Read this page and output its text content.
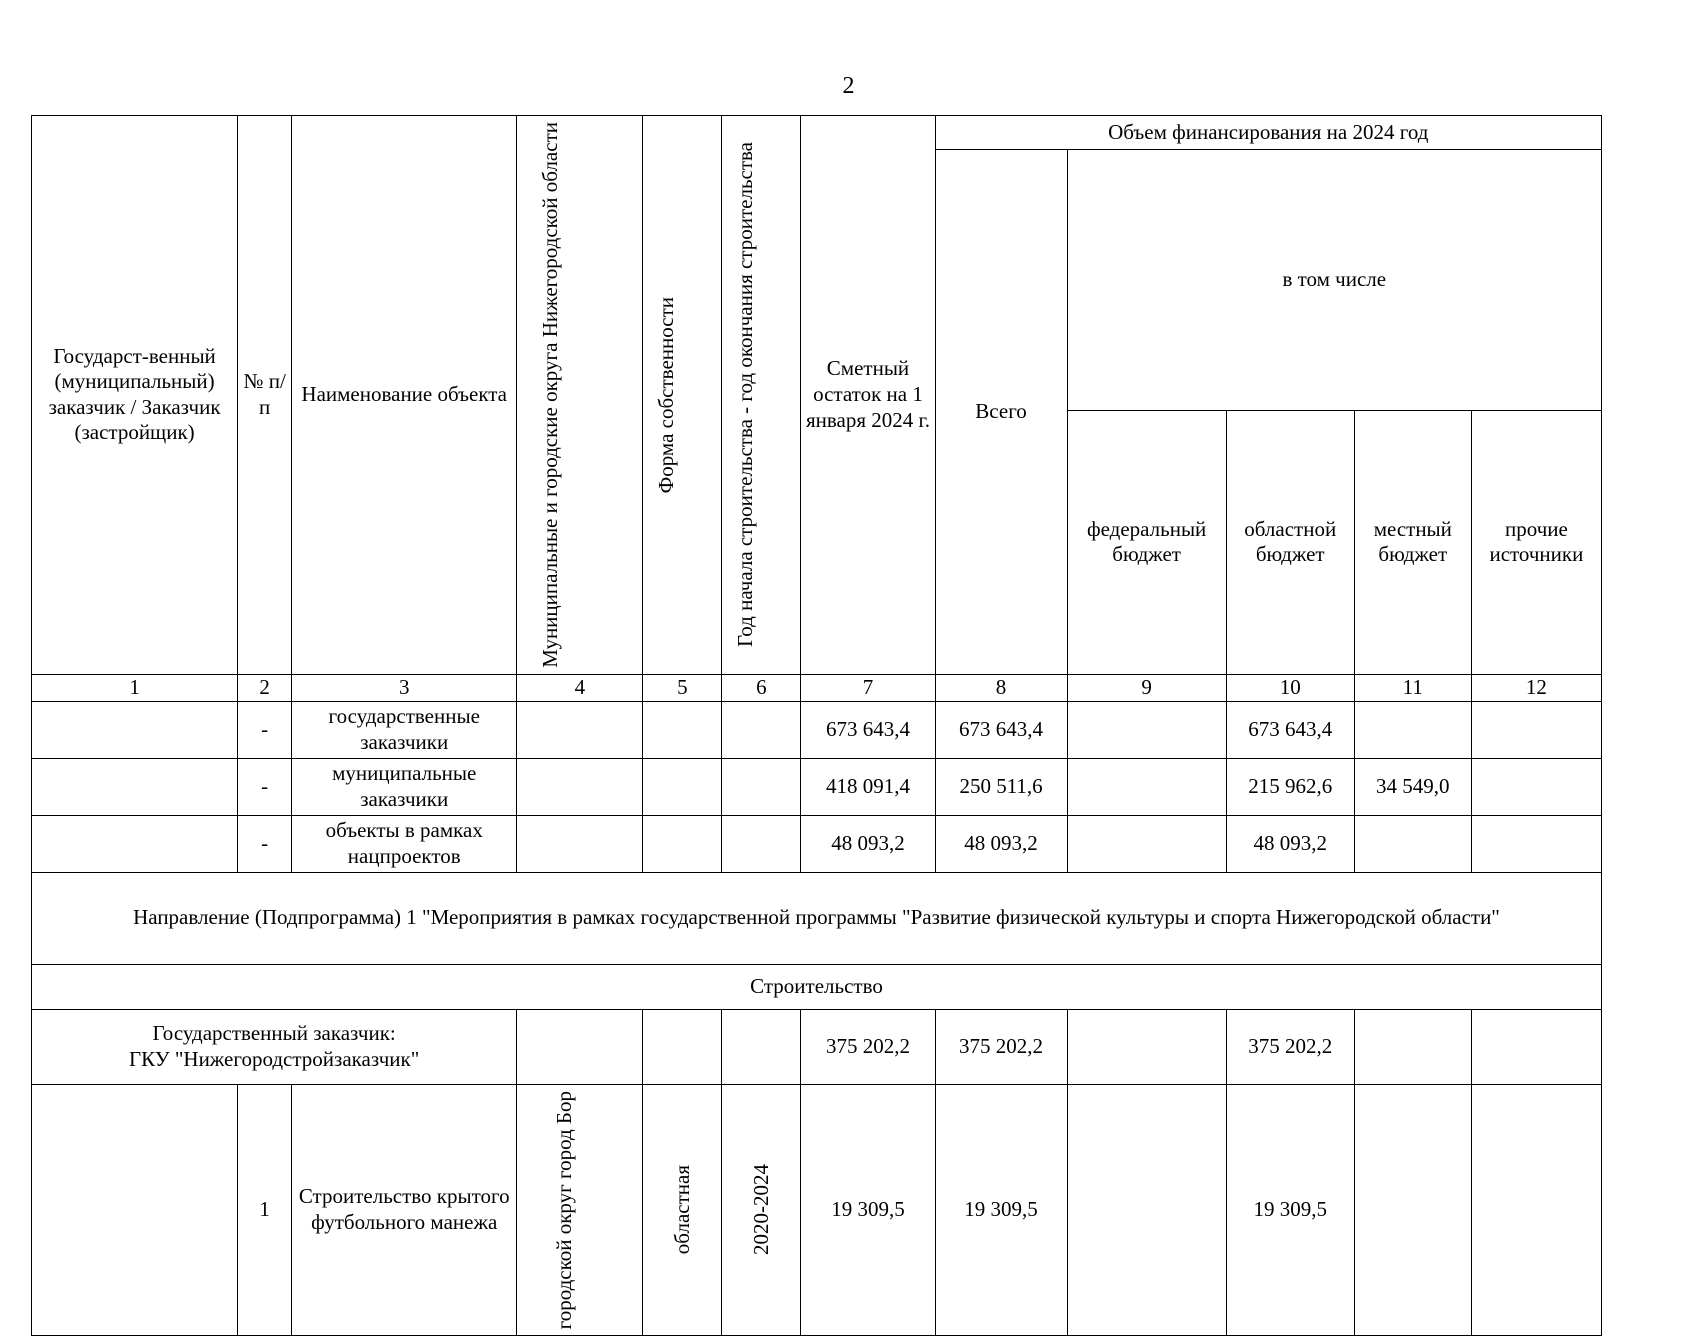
2
Государст-венный (муниципальный) заказчик / Заказчик (застройщик)	№ п/п	Наименование объекта	Муниципальные и городские округа Нижегородской области	Форма собственности	Год начала строительства - год окончания строительства	Сметный остаток на 1 января 2024 г.	Объем финансирования на 2024 год				
							Всего	в том числе			
								федеральный бюджет	областной бюджет	местный бюджет	прочие источники
1	2	3	4	5	6	7	8	9	10	11	12
	-	государственные заказчики				673 643,4	673 643,4		673 643,4		
	-	муниципальные заказчики				418 091,4	250 511,6		215 962,6	34 549,0	
	-	объекты в рамках нацпроектов				48 093,2	48 093,2		48 093,2		
Направление (Подпрограмма) 1 "Мероприятия в рамках государственной программы "Развитие физической культуры и спорта Нижегородской области"											
Строительство											

Государственный заказчик:
ГКУ "Нижегородстройзаказчик"						375 202,2	375 202,2		375 202,2		
	1	Строительство крытого футбольного манежа	городской округ город Бор	областная	2020-2024	19 309,5	19 309,5		19 309,5		
